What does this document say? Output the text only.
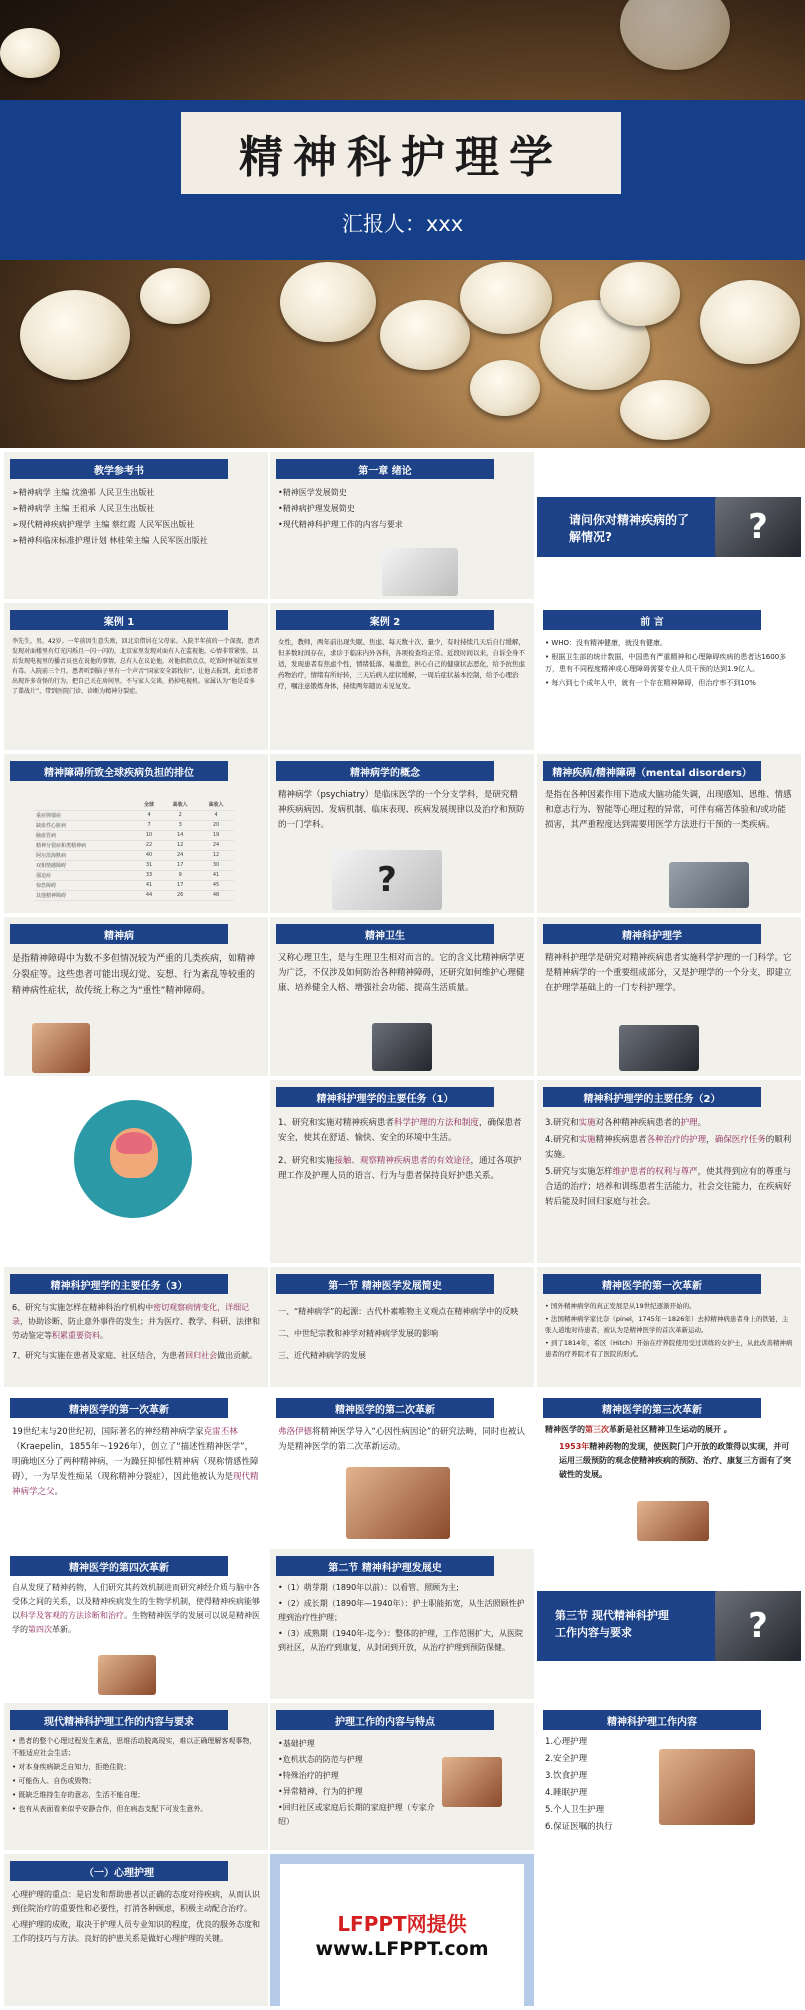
精神科护理学
汇报人：xxx
教学参考书

➢精神病学 主编 沈渔邨 人民卫生出版社

➢精神病学 主编 王祖承 人民卫生出版社

➢现代精神疾病护理学 主编 蔡红霞 人民军医出版社

➢精神科临床标准护理计划 林桂荣主编 人民军医出版社

第一章 绪论

•精神医学发展简史

•精神病护理发展简史

•现代精神科护理工作的内容与要求	请问你对精神疾病的了解情况?	?
案例 1
李先生，男，42岁。一年前因生意失败，回北京借居在父母家。入院半年前的一个深夜，患者发现对面楼里有灯光闪烁且一闪一闪的，北京家里发现对面有人在监视他，心情非常紧张，以后发现电视里的播音员也在说他的事情，总有人在议论他，对他指指点点，吃饭时怀疑饭菜里有毒。入院前三个月，患者听到脑子里有一个声音“国家安全部找你”，让他去报到，此后患者出现许多奇怪的行为，把自己关在房间里，不与家人交谈，扔掉电视机。家属认为“他是看多了谍战片”，带到医院门诊，诊断为精神分裂症。
案例 2
女性，教师，两年前出现失眠、焦虑、每天数十次、量少，有时持续几天后自行缓解，但多数时间存在，求诊于临床内外各科，各项检查均正常。近段时间以来，自诉全身不适，发现患者有焦虑个性，情绪低落、易激惹，担心自己的健康状态恶化，给予抗焦虑药物治疗，情绪有所好转，三天后病人症状缓解，一周后症状基本控制，给予心理治疗，嘱注意锻炼身体，持续两年随访未见复发。
前 言

• WHO：没有精神健康，就没有健康。

• 根据卫生部的统计数据，中国患有严重精神和心理障碍疾病的患者达1600多万，患有不同程度精神或心理障碍需要专业人员干预的达到1.9亿人。

• 每六到七个成年人中，就有一个存在精神障碍，但治疗率不到10%

精神障碍所致全球疾病负担的排位
	全球	高收入	高收入
重症抑郁症	4	2	4
缺血性心脏病	7	3	20
脑血管病	10	14	19
精神分裂症和类精神病	22	12	24
阿尔茨海默病	40	24	12
双相情感障碍	31	17	30
强迫症	33	9	41
惊恐障碍	41	17	45
其他精神障碍	44	26	48
精神病学的概念
精神病学（psychiatry）是临床医学的一个分支学科，是研究精神疾病病因、发病机制、临床表现、疾病发展规律以及治疗和预防的一门学科。
?
精神疾病/精神障碍（mental disorders）
是指在各种因素作用下造成大脑功能失调，出现感知、思维、情感和意志行为、智能等心理过程的异常，可伴有痛苦体验和/或功能损害，其严重程度达到需要用医学方法进行干预的一类疾病。
精神病
是指精神障碍中为数不多但情况较为严重的几类疾病，如精神分裂症等。这些患者可能出现幻觉、妄想、行为紊乱等较重的精神病性症状，故传统上称之为“重性”精神障碍。
精神卫生
又称心理卫生，是与生理卫生相对而言的。它的含义比精神病学更为广泛，不仅涉及如何防治各种精神障碍，还研究如何维护心理健康、培养健全人格、增强社会功能、提高生活质量。
精神科护理学
精神科护理学是研究对精神疾病患者实施科学护理的一门科学。它是精神病学的一个重要组成部分，又是护理学的一个分支，即建立在护理学基础上的一门专科护理学。
精神科护理学的主要任务（1）

1、研究和实施对精神疾病患者科学护理的方法和制度，确保患者安全，使其在舒适、愉快、安全的环境中生活。

2、研究和实施接触、观察精神疾病患者的有效途径，通过各项护理工作及护理人员的语言、行为与患者保持良好护患关系。

精神科护理学的主要任务（2）

3.研究和实施对各种精神疾病患者的护理。

4.研究和实施精神疾病患者各种治疗的护理，确保医疗任务的顺利实施。

5.研究与实施怎样维护患者的权利与尊严，使其得到应有的尊重与合适的治疗；培养和训练患者生活能力，社会交往能力，在疾病好转后能及时回归家庭与社会。

精神科护理学的主要任务（3）

6、研究与实施怎样在精神科治疗机构中密切观察病情变化，详细记录，协助诊断、防止意外事件的发生；并为医疗、教学、科研、法律和劳动鉴定等积累重要资料。

7、研究与实施在患者及家庭、社区结合，为患者回归社会做出贡献。

第一节 精神医学发展简史

一、“精神病学”的起源：古代朴素唯物主义观点在精神病学中的反映

二、中世纪宗教和神学对精神病学发展的影响

三、近代精神病学的发展

精神医学的第一次革新

• 国外精神病学的真正发展是从19世纪逐渐开始的。

• 法国精神病学家比奈（pinel，1745年－1826年）去掉精神病患者身上的铁链，主张人道地对待患者，被认为是精神医学的首次革新运动。

• 到了1814年，希区（Hitch）开始在疗养院使用受过训练的女护士，从此改善精神病患者的疗养院才有了医院的形式。

精神医学的第一次革新
19世纪末与20世纪初，国际著名的神经精神病学家克雷丕林（Kraepelin，1855年～1926年），创立了“描述性精神医学”，明确地区分了两种精神病，一为躁狂抑郁性精神病（现称情感性障碍），一为早发性痴呆（现称精神分裂症），因此他被认为是现代精神病学之父。
精神医学的第二次革新
弗洛伊德将精神医学导入“心因性病因论”的研究法畴，同时也被认为是精神医学的第二次革新运动。
精神医学的第三次革新

精神医学的第三次革新是社区精神卫生运动的展开 。

1953年精神药物的发现，使医院门户开放的政策得以实现，并可运用三级预防的观念使精神疾病的预防、治疗、康复三方面有了突破性的发展。

精神医学的第四次革新
自从发现了精神药物，人们研究其药效机制进而研究神经介质与脑中各受体之间的关系，以及精神疾病发生的生物学机制，使得精神疾病能够以科学及客观的方法诊断和治疗。生物精神医学的发展可以说是精神医学的第四次革新。
第二节 精神科护理发展史

•（1）萌芽期（1890年以前）：以看管、照顾为主;

•（2）成长期（1890年—1940年）：护士职能拓宽，从生活照顾性护理到治疗性护理；

•（3）成熟期（1940年-迄今）：整体的护理，工作范围扩大，从医院到社区，从治疗到康复，从封闭到开放，从治疗护理到预防保健。

第三节 现代精神科护理工作内容与要求	?
现代精神科护理工作的内容与要求

• 患者的整个心理过程发生紊乱，思维活动脱离现实，难以正确理解客观事物，不能适应社会生活；

• 对本身疾病缺乏自知力，拒绝住院；

• 可能伤人、自伤或毁物；

• 既缺乏维持生存的意志，生活不能自理；

• 也有从表面看来似乎安静合作，但在病态支配下可发生意外。

护理工作的内容与特点

•基础护理

•危机状态的防范与护理

•特殊治疗的护理

•异常精神、行为的护理

•回归社区或家庭后长期的家庭护理（专家介绍）

精神科护理工作内容

1.心理护理

2.安全护理

3.饮食护理

4.睡眠护理

5.个人卫生护理

6.保证医嘱的执行

（一）心理护理

心理护理的重点：是启发和帮助患者以正确的态度对待疾病，从而认识到住院治疗的重要性和必要性，打消各种顾虑，积极主动配合治疗。

心理护理的成败，取决于护理人员专业知识的程度，优良的服务态度和工作的技巧与方法。良好的护患关系是做好心理护理的关键。

LFPPT网提供
www.LFPPT.com
